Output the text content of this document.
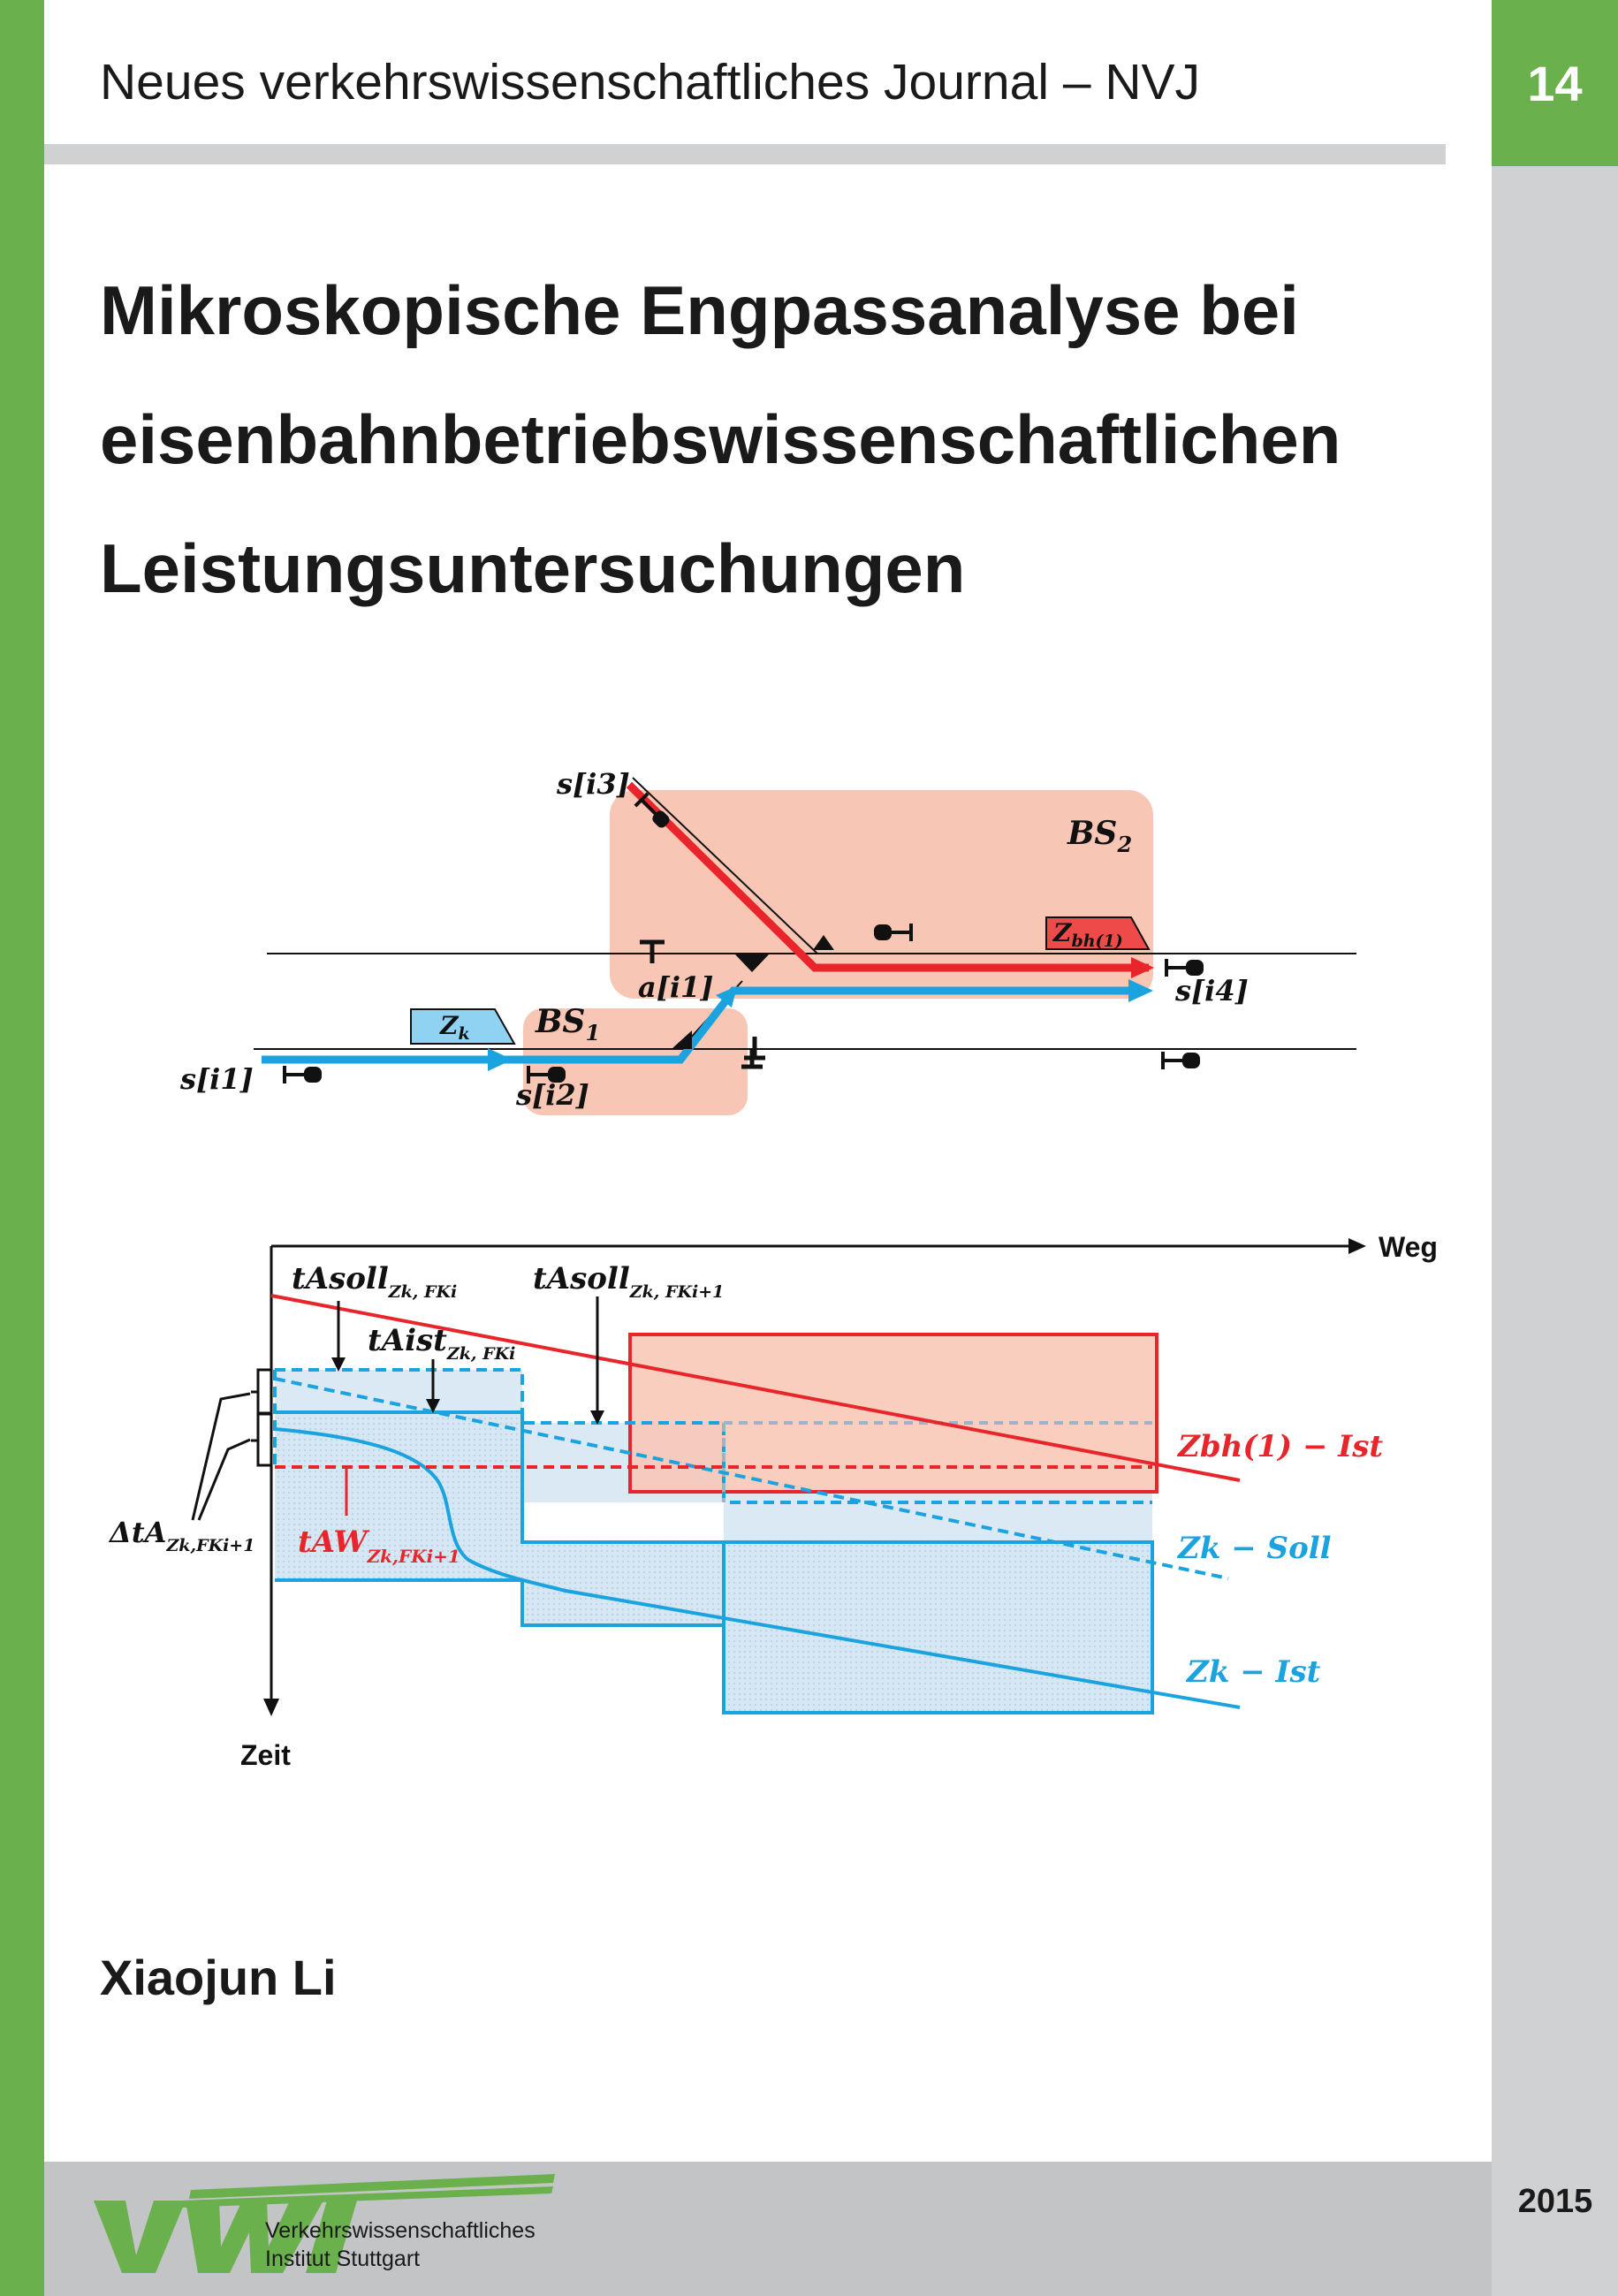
14
Neues verkehrswissenschaftliches Journal – NVJ
Mikroskopische Engpassanalyse bei
eisenbahnbetriebswissenschaftlichen
Leistungsuntersuchungen
s[i3]
$BS_2$
a[i1]
$Z_{bh(1)}$
s[i4]
$Z_k$ $BS_1$
s[i1]	s[i2]
Weg
Zeit
tAsoll$_{Zk, FKi}$	tAsoll$_{Zk, FKi+1}$
tAist$_{Zk, FKi}$
ΔtA$_{Zk,FKi+1}$ tAW$_{Zk,FKi+1}$
Zbh(1) − Ist
Zk − Soll
Zk − Ist
Xiaojun Li
2015
Verkehrswissenschaftliches
Institut Stuttgart
